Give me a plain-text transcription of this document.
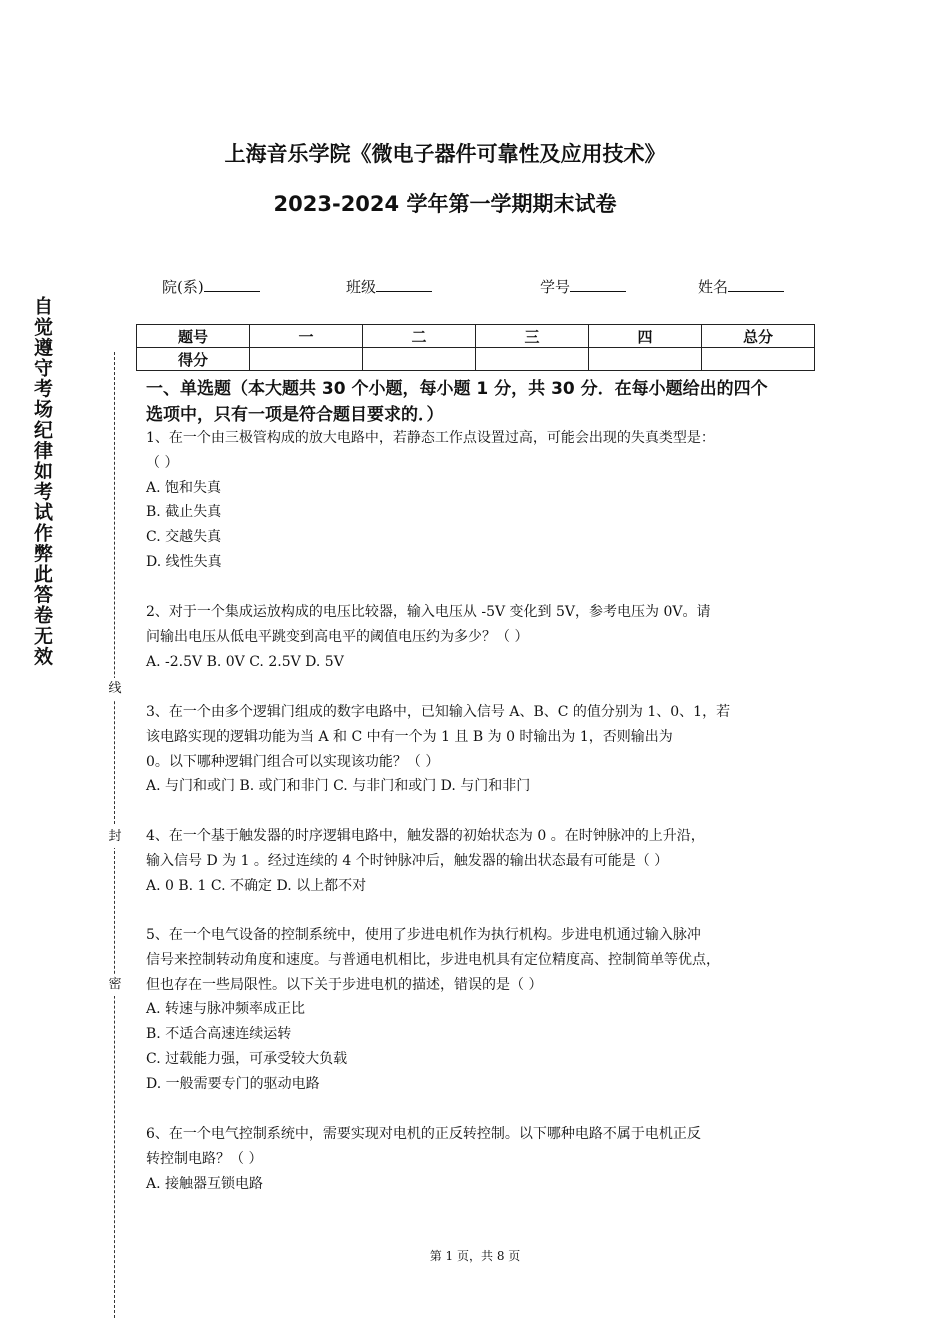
上海音乐学院《微电子器件可靠性及应用技术》
2023-2024 学年第一学期期末试卷
院(系)	班级	学号	姓名
题号	一	二	三	四	总分
得分					
自觉遵守考场纪律如考试作弊此答卷无效
线
封
密
一、单选题（本大题共 30 个小题，每小题 1 分，共 30 分．在每小题给出的四个
选项中，只有一项是符合题目要求的．）
1、在一个由三极管构成的放大电路中，若静态工作点设置过高，可能会出现的失真类型是：
（ ）
A. 饱和失真
B. 截止失真
C. 交越失真
D. 线性失真
2、对于一个集成运放构成的电压比较器，输入电压从 -5V 变化到 5V，参考电压为 0V。请
问输出电压从低电平跳变到高电平的阈值电压约为多少？（ ）
A. -2.5V B. 0V C. 2.5V D. 5V
3、在一个由多个逻辑门组成的数字电路中，已知输入信号 A、B、C 的值分别为 1、0、1，若
该电路实现的逻辑功能为当 A 和 C 中有一个为 1 且 B 为 0 时输出为 1，否则输出为
0。以下哪种逻辑门组合可以实现该功能？（ ）
A. 与门和或门 B. 或门和非门 C. 与非门和或门 D. 与门和非门
4、在一个基于触发器的时序逻辑电路中，触发器的初始状态为 0 。在时钟脉冲的上升沿，
输入信号 D 为 1 。经过连续的 4 个时钟脉冲后，触发器的输出状态最有可能是（ ）
A. 0 B. 1 C. 不确定 D. 以上都不对
5、在一个电气设备的控制系统中，使用了步进电机作为执行机构。步进电机通过输入脉冲
信号来控制转动角度和速度。与普通电机相比，步进电机具有定位精度高、控制简单等优点，
但也存在一些局限性。以下关于步进电机的描述，错误的是（ ）
A. 转速与脉冲频率成正比
B. 不适合高速连续运转
C. 过载能力强，可承受较大负载
D. 一般需要专门的驱动电路
6、在一个电气控制系统中，需要实现对电机的正反转控制。以下哪种电路不属于电机正反
转控制电路？（ ）
A. 接触器互锁电路
第 1 页，共 8 页
